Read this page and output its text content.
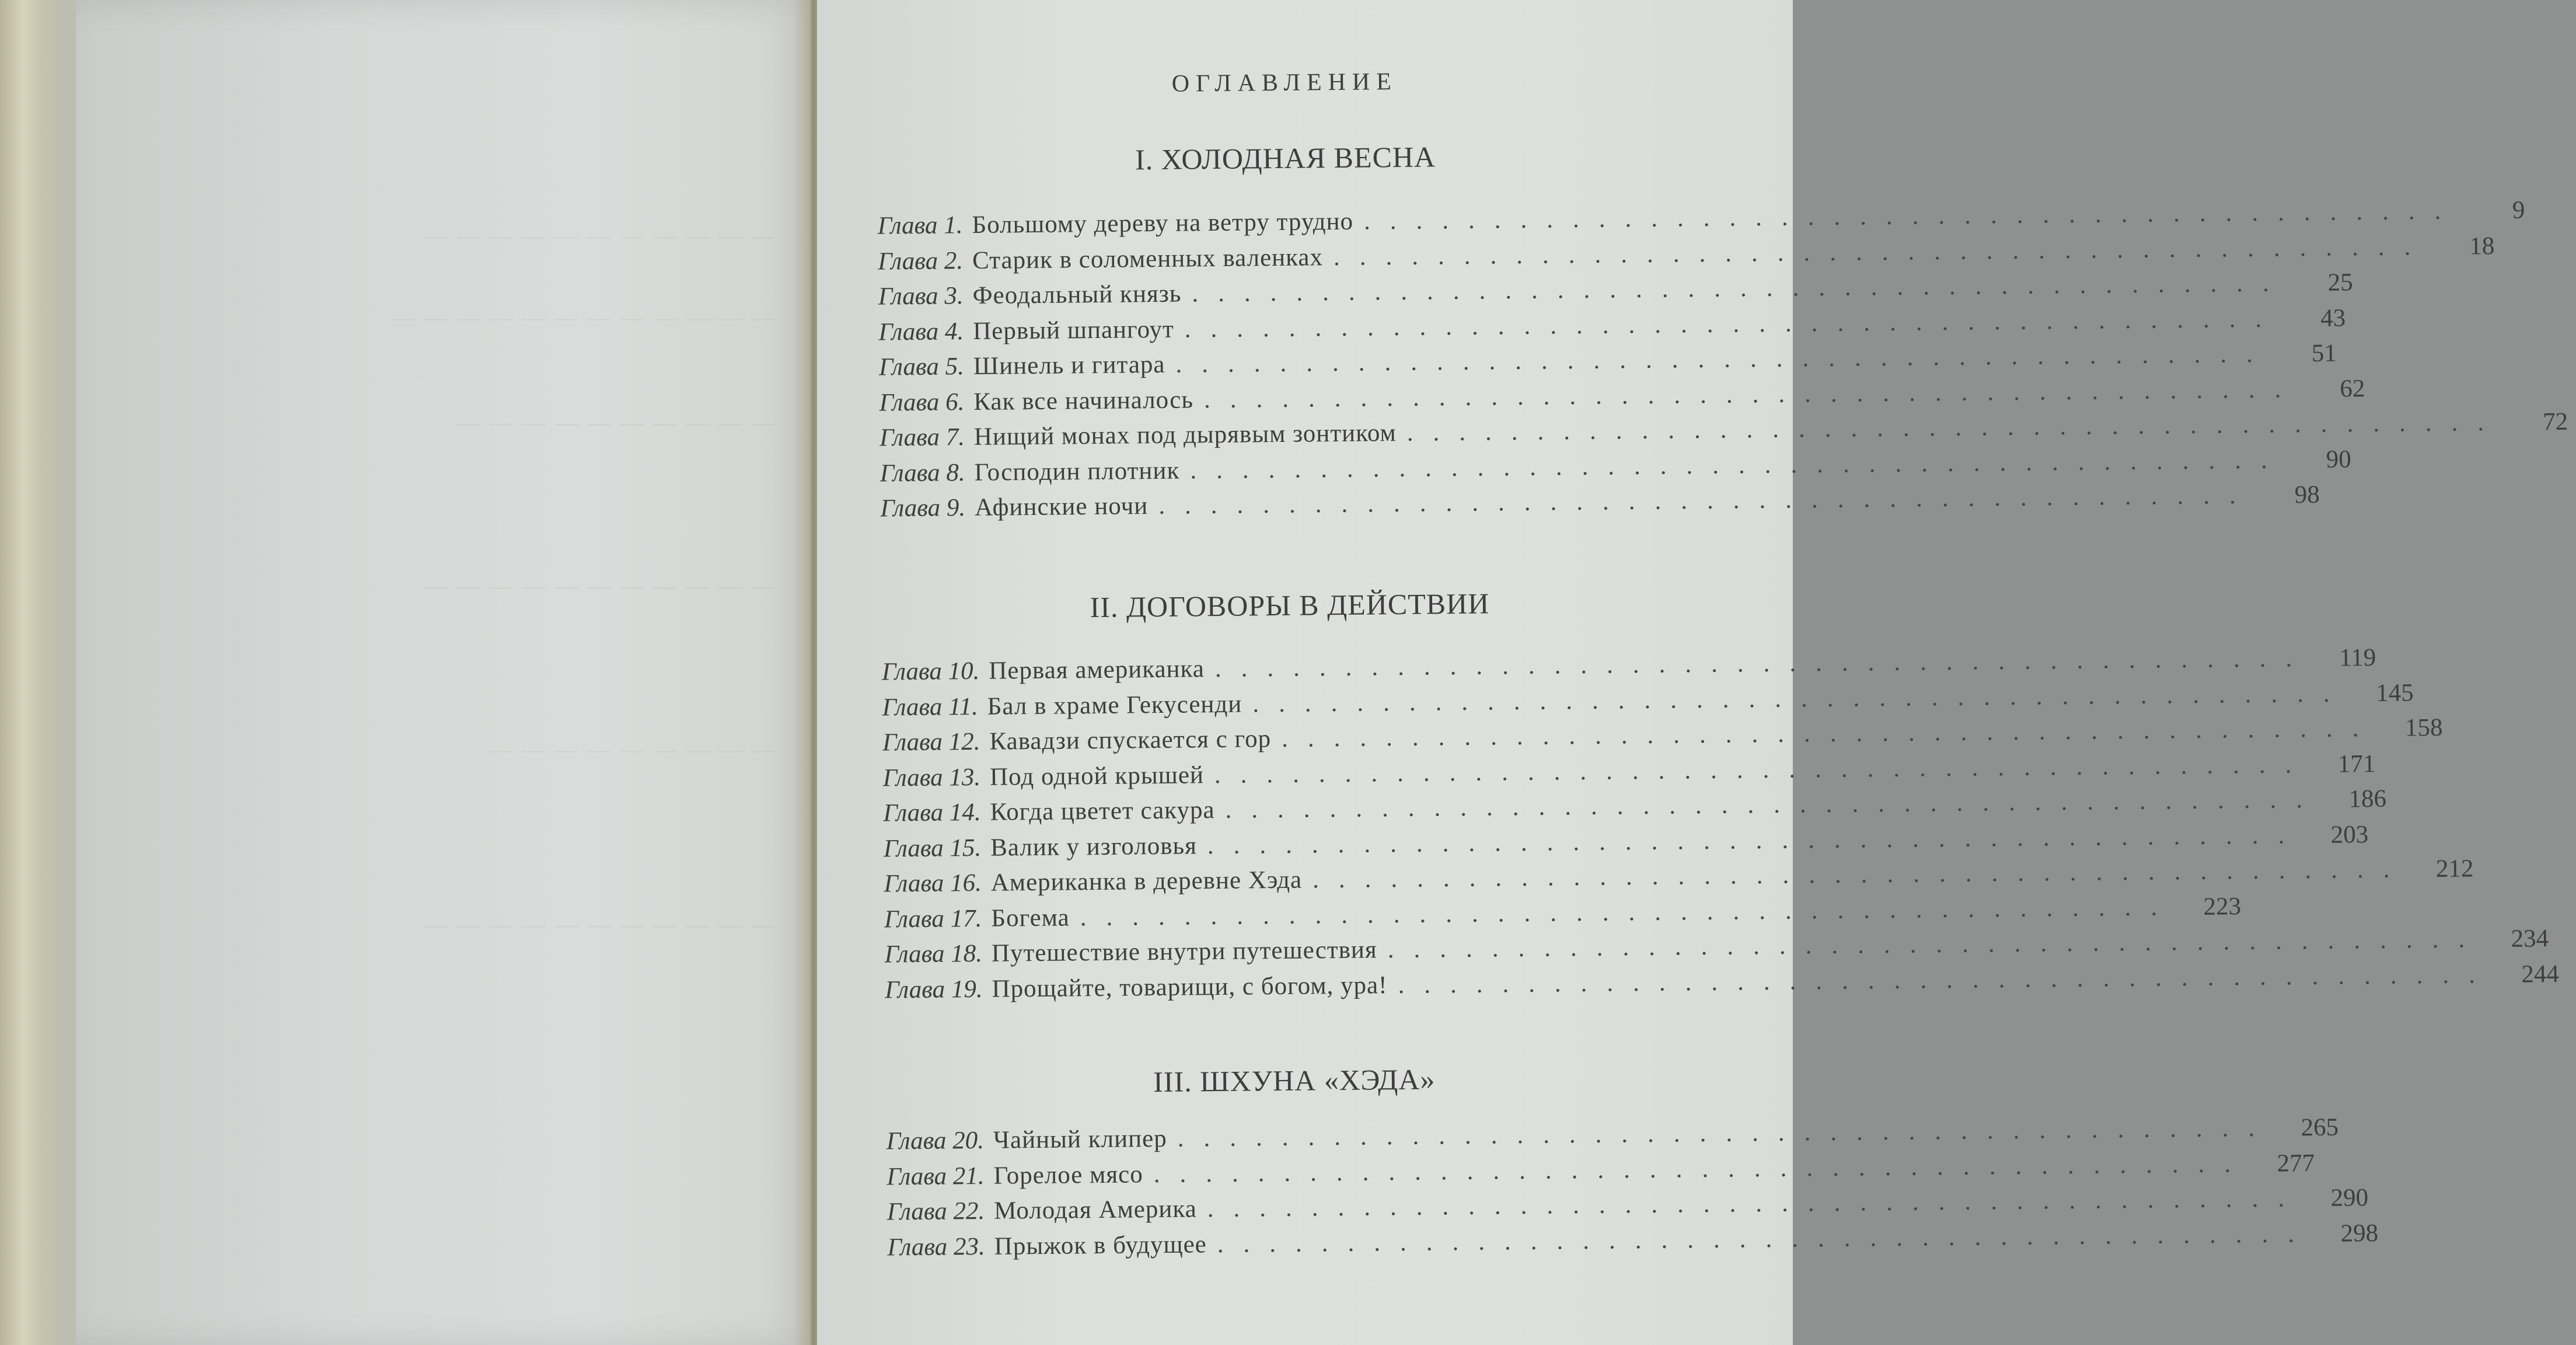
— — — — — — — — — — —
— — — — — — — — — — — —
— — — — — — — — — —
— — — — — — — — — — —
— — — — — — — — —
— — — — — — — — — — —
ОГЛАВЛЕНИЕ
I. ХОЛОДНАЯ ВЕСНА
Глава 1. Большому дереву на ветру трудно ..........................................	9
Глава 2. Старик в соломенных валенках ..........................................	18
Глава 3. Феодальный князь ..........................................	25
Глава 4. Первый шпангоут ..........................................	43
Глава 5. Шинель и гитара ..........................................	51
Глава 6. Как все начиналось ..........................................	62
Глава 7. Нищий монах под дырявым зонтиком ..........................................	72
Глава 8. Господин плотник ..........................................	90
Глава 9. Афинские ночи ..........................................	98
II. ДОГОВОРЫ В ДЕЙСТВИИ
Глава 10. Первая американка ..........................................	119
Глава 11. Бал в храме Гекусенди ..........................................	145
Глава 12. Кавадзи спускается с гор ..........................................	158
Глава 13. Под одной крышей ..........................................	171
Глава 14. Когда цветет сакура ..........................................	186
Глава 15. Валик у изголовья ..........................................	203
Глава 16. Американка в деревне Хэда ..........................................	212
Глава 17. Богема ..........................................	223
Глава 18. Путешествие внутри путешествия ..........................................	234
Глава 19. Прощайте, товарищи, с богом, ура! ..........................................	244
III. ШХУНА «ХЭДА»
Глава 20. Чайный клипер ..........................................	265
Глава 21. Горелое мясо ..........................................	277
Глава 22. Молодая Америка ..........................................	290
Глава 23. Прыжок в будущее ..........................................	298
